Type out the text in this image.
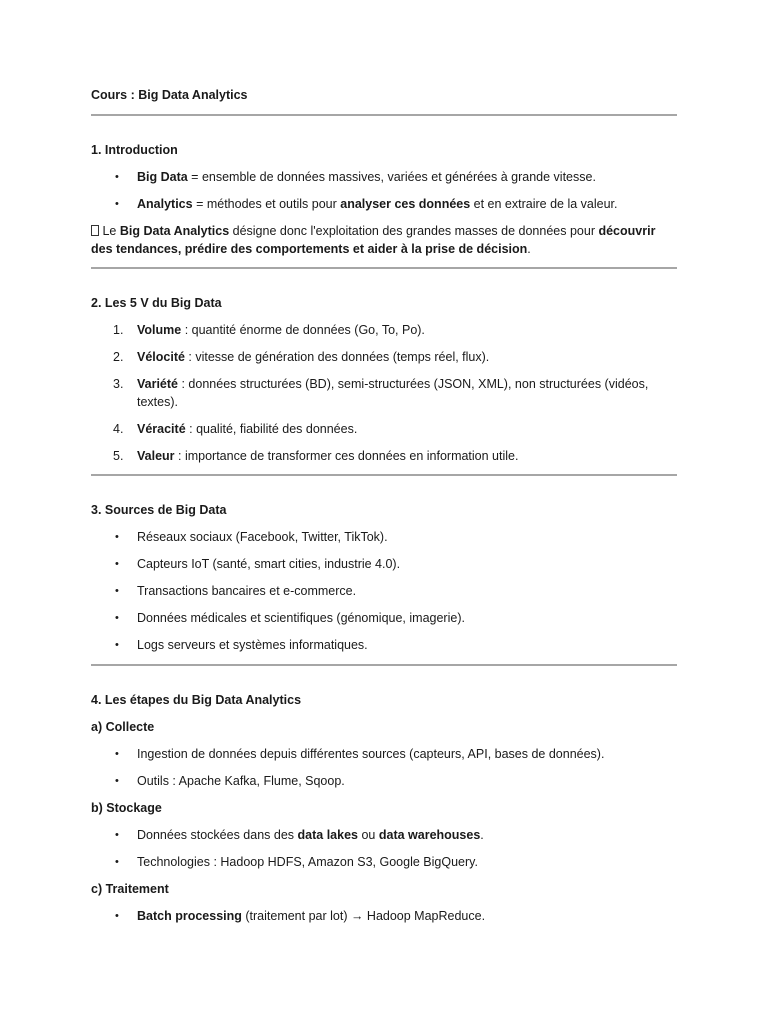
Cours : Big Data Analytics
1. Introduction
• Big Data = ensemble de données massives, variées et générées à grande vitesse.
• Analytics = méthodes et outils pour analyser ces données et en extraire de la valeur.
Le Big Data Analytics désigne donc l'exploitation des grandes masses de données pour découvrir des tendances, prédire des comportements et aider à la prise de décision.
2. Les 5 V du Big Data
1.	Volume : quantité énorme de données (Go, To, Po).
2.	Vélocité : vitesse de génération des données (temps réel, flux).
3.	Variété : données structurées (BD), semi-structurées (JSON, XML), non structurées (vidéos, textes).
4.	Véracité : qualité, fiabilité des données.
5.	Valeur : importance de transformer ces données en information utile.
3. Sources de Big Data
• Réseaux sociaux (Facebook, Twitter, TikTok).
• Capteurs IoT (santé, smart cities, industrie 4.0).
• Transactions bancaires et e-commerce.
• Données médicales et scientifiques (génomique, imagerie).
• Logs serveurs et systèmes informatiques.
4. Les étapes du Big Data Analytics
a) Collecte
• Ingestion de données depuis différentes sources (capteurs, API, bases de données).
• Outils : Apache Kafka, Flume, Sqoop.
b) Stockage
• Données stockées dans des data lakes ou data warehouses.
• Technologies : Hadoop HDFS, Amazon S3, Google BigQuery.
c) Traitement
• Batch processing (traitement par lot) → Hadoop MapReduce.
